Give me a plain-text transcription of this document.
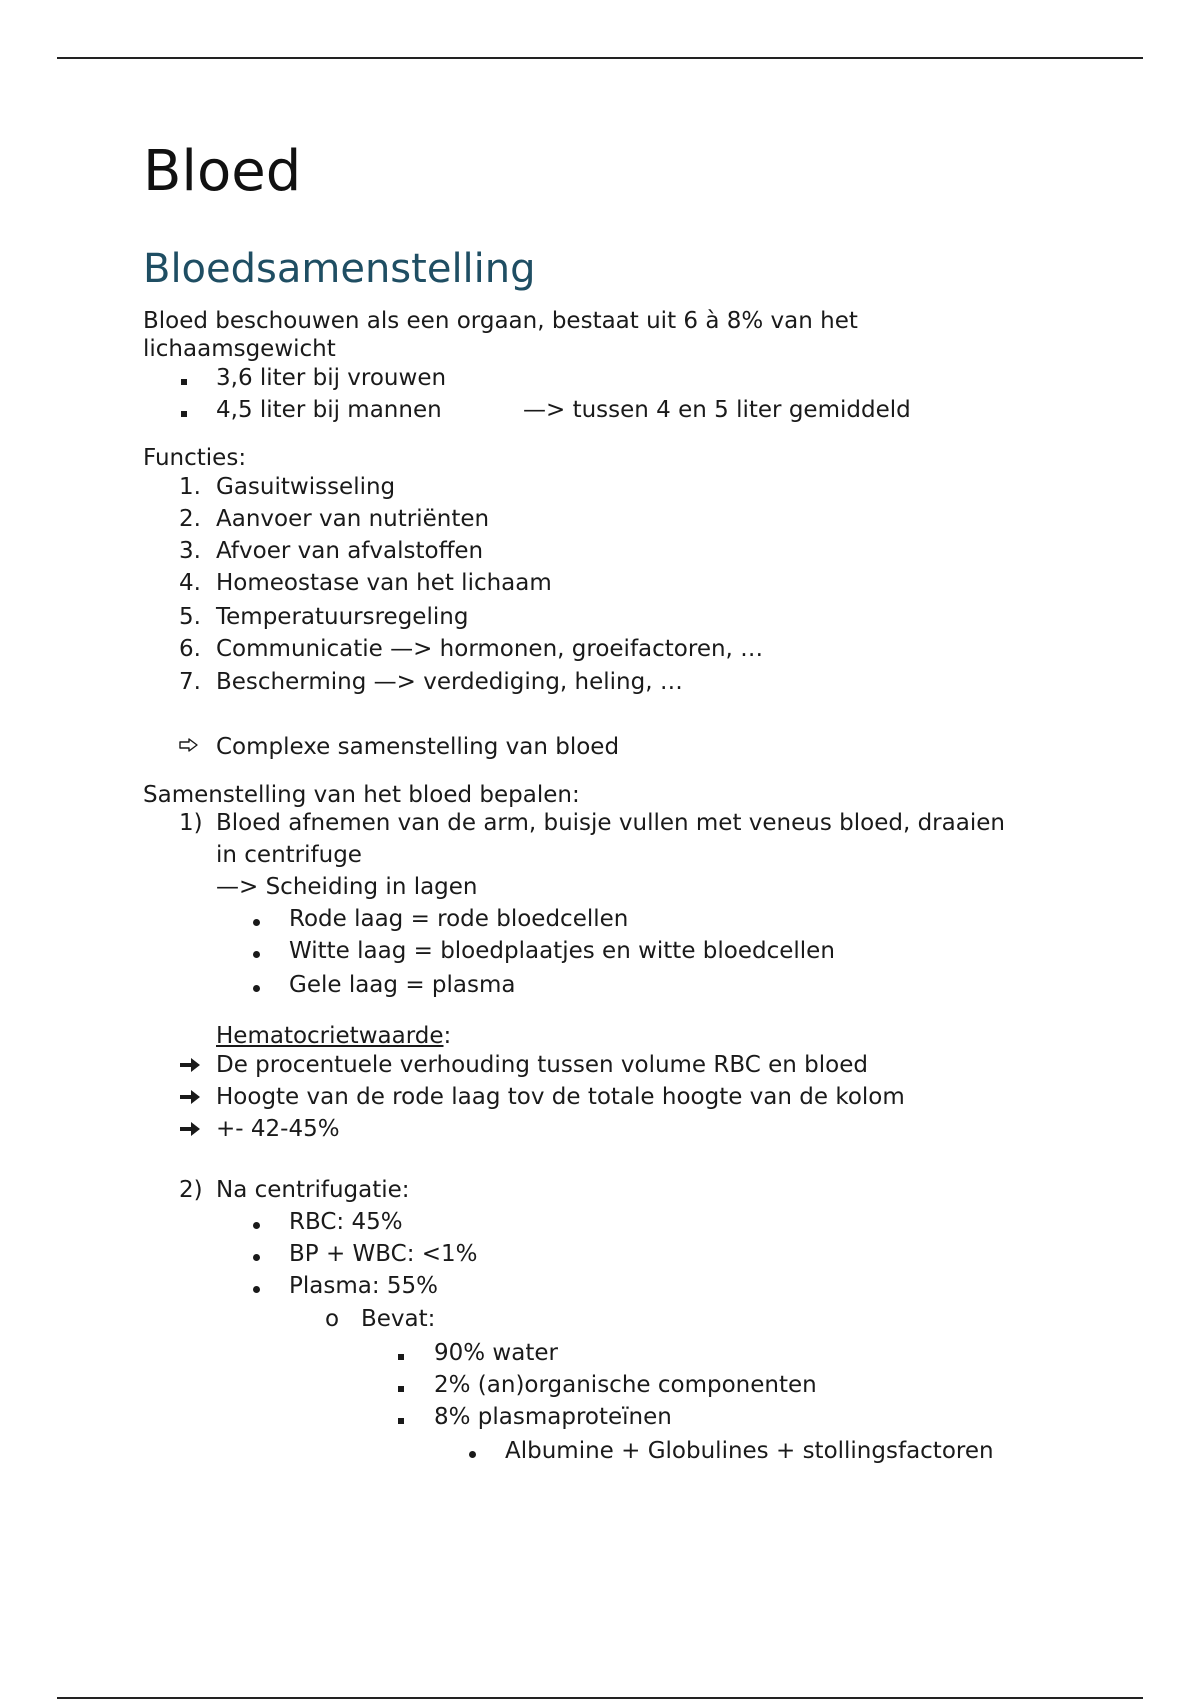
Bloed
Bloedsamenstelling
Bloed beschouwen als een orgaan, bestaat uit 6 à 8% van het
lichaamsgewicht
3,6 liter bij vrouwen
4,5 liter bij mannen	—> tussen 4 en 5 liter gemiddeld
Functies:
1. Gasuitwisseling
2. Aanvoer van nutriënten
3. Afvoer van afvalstoffen
4. Homeostase van het lichaam
5. Temperatuursregeling
6. Communicatie —> hormonen, groeifactoren, …
7. Bescherming —> verdediging, heling, …
Complexe samenstelling van bloed
Samenstelling van het bloed bepalen:
1) Bloed afnemen van de arm, buisje vullen met veneus bloed, draaien
in centrifuge
—> Scheiding in lagen
Rode laag = rode bloedcellen
Witte laag = bloedplaatjes en witte bloedcellen
Gele laag = plasma
Hematocrietwaarde:
De procentuele verhouding tussen volume RBC en bloed
Hoogte van de rode laag tov de totale hoogte van de kolom
+- 42-45%
2) Na centrifugatie:
RBC: 45%
BP + WBC: <1%
Plasma: 55%
o Bevat:
90% water
2% (an)organische componenten
8% plasmaproteïnen
Albumine + Globulines + stollingsfactoren
